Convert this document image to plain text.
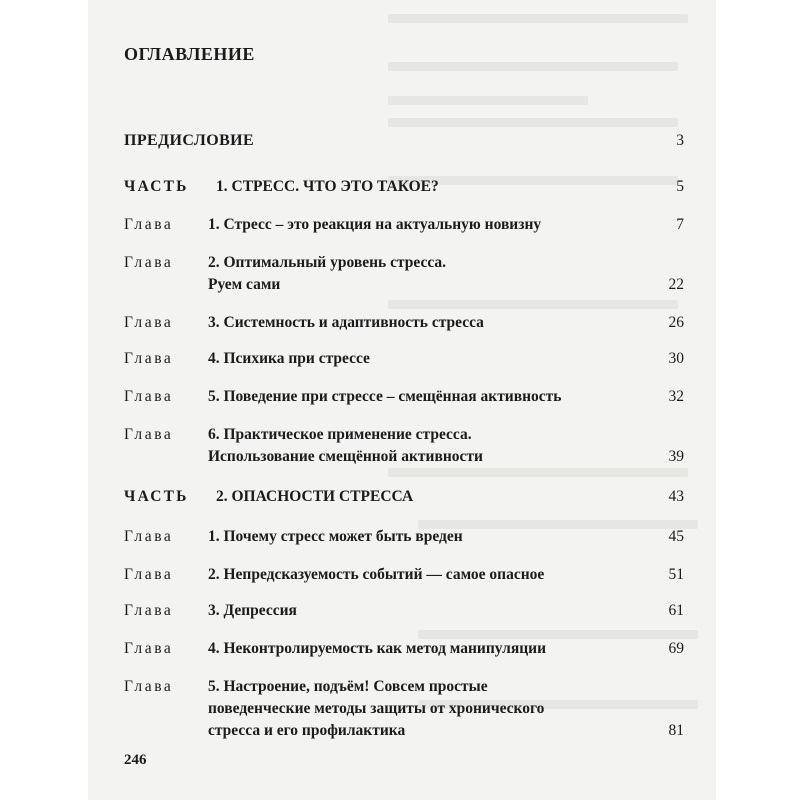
ОГЛАВЛЕНИЕ
ПРЕДИСЛОВИЕ	3
ЧАСТЬ 1. СТРЕСС. ЧТО ЭТО ТАКОЕ?	5
Глава 1. Стресс – это реакция на актуальную новизну	7
Глава 2. Оптимальный уровень стресса.
Руем сами	22
Глава 3. Системность и адаптивность стресса	26
Глава 4. Психика при стрессе	30
Глава 5. Поведение при стрессе – смещённая активность	32
Глава 6. Практическое применение стресса.
Использование смещённой активности	39
ЧАСТЬ 2. ОПАСНОСТИ СТРЕССА	43
Глава 1. Почему стресс может быть вреден	45
Глава 2. Непредсказуемость событий — самое опасное	51
Глава 3. Депрессия	61
Глава 4. Неконтролируемость как метод манипуляции	69
Глава 5. Настроение, подъём! Совсем простые
поведенческие методы защиты от хронического
стресса и его профилактика	81
246
